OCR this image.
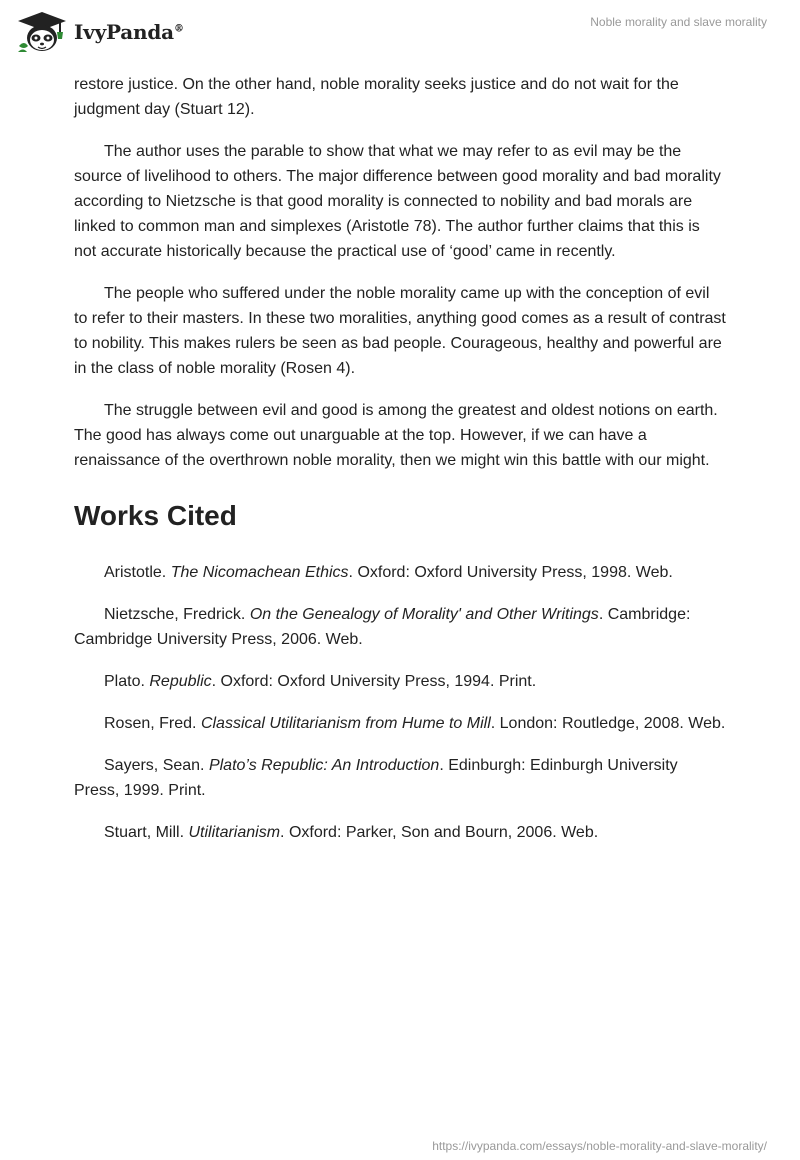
IvyPanda®	Noble morality and slave morality

restore justice. On the other hand, noble morality seeks justice and do not wait for the judgment day (Stuart 12).

The author uses the parable to show that what we may refer to as evil may be the source of livelihood to others. The major difference between good morality and bad morality according to Nietzsche is that good morality is connected to nobility and bad morals are linked to common man and simplexes (Aristotle 78). The author further claims that this is not accurate historically because the practical use of ‘good’ came in recently.

The people who suffered under the noble morality came up with the conception of evil to refer to their masters. In these two moralities, anything good comes as a result of contrast to nobility. This makes rulers be seen as bad people. Courageous, healthy and powerful are in the class of noble morality (Rosen 4).

The struggle between evil and good is among the greatest and oldest notions on earth. The good has always come out unarguable at the top. However, if we can have a renaissance of the overthrown noble morality, then we might win this battle with our might.

Works Cited

Aristotle. The Nicomachean Ethics. Oxford: Oxford University Press, 1998. Web.

Nietzsche, Fredrick. On the Genealogy of Morality' and Other Writings. Cambridge: Cambridge University Press, 2006. Web.

Plato. Republic. Oxford: Oxford University Press, 1994. Print.

Rosen, Fred. Classical Utilitarianism from Hume to Mill. London: Routledge, 2008. Web.

Sayers, Sean. Plato’s Republic: An Introduction. Edinburgh: Edinburgh University Press, 1999. Print.

Stuart, Mill. Utilitarianism. Oxford: Parker, Son and Bourn, 2006. Web.

https://ivypanda.com/essays/noble-morality-and-slave-morality/
